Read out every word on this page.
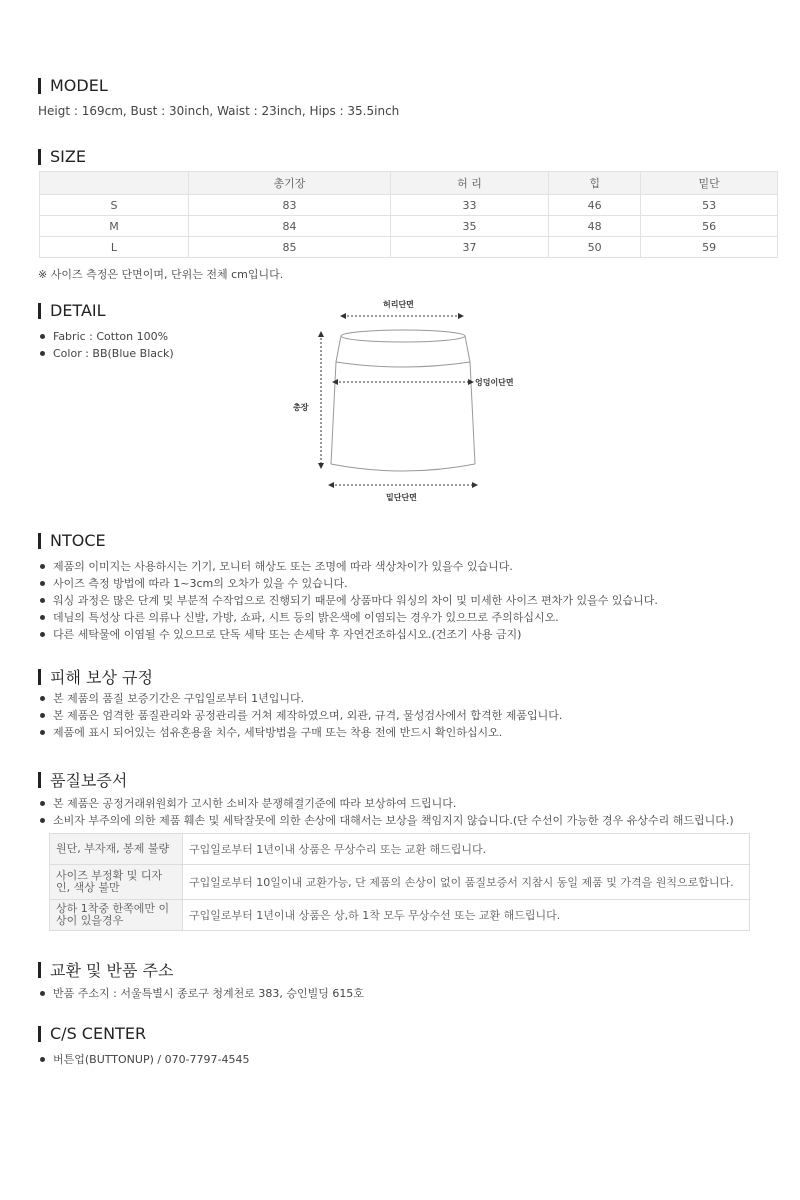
MODEL
Heigt : 169cm, Bust : 30inch, Waist : 23inch, Hips : 35.5inch
SIZE
	총기장	허 리	힙	밑단
S	83	33	46	53
M	84	35	48	56
L	85	37	50	59
※ 사이즈 측정은 단면이며, 단위는 전체 cm입니다.
DETAIL
Fabric : Cotton 100%
Color : BB(Blue Black)
허리단면
엉덩이단면
총장
밑단단면
NTOCE
제품의 이미지는 사용하시는 기기, 모니터 해상도 또는 조명에 따라 색상차이가 있을수 있습니다.
사이즈 측정 방법에 따라 1~3cm의 오차가 있을 수 있습니다.
워싱 과정은 많은 단계 및 부분적 수작업으로 진행되기 때문에 상품마다 워싱의 차이 및 미세한 사이즈 편차가 있을수 있습니다.
데님의 특성상 다른 의류나 신발, 가방, 쇼파, 시트 등의 밝은색에 이염되는 경우가 있으므로 주의하십시오.
다른 세탁물에 이염될 수 있으므로 단독 세탁 또는 손세탁 후 자연건조하십시오.(건조기 사용 금지)
피해 보상 규정
본 제품의 품질 보증기간은 구입일로부터 1년입니다.
본 제품은 엄격한 품질관리와 공정관리를 거쳐 제작하였으며, 외관, 규격, 물성검사에서 합격한 제품입니다.
제품에 표시 되어있는 섬유혼용율 치수, 세탁방법을 구매 또는 착용 전에 반드시 확인하십시오.
품질보증서
본 제품은 공정거래위원회가 고시한 소비자 분쟁해결기준에 따라 보상하여 드립니다.
소비자 부주의에 의한 제품 훼손 및 세탁잘못에 의한 손상에 대해서는 보상을 책임지지 않습니다.(단 수선이 가능한 경우 유상수리 해드립니다.)
원단, 부자재, 봉제 불량	구입일로부터 1년이내 상품은 무상수리 또는 교환 해드립니다.
사이즈 부정확 및 디자인, 색상 불만	구입일로부터 10일이내 교환가능, 단 제품의 손상이 없이 품질보증서 지참시 동일 제품 및 가격을 원칙으로합니다.
상하 1착중 한쪽에만 이상이 있을경우	구입일로부터 1년이내 상품은 상,하 1착 모두 무상수선 또는 교환 해드립니다.
교환 및 반품 주소
반품 주소지 : 서울특별시 종로구 청계천로 383, 승인빌딩 615호
C/S CENTER
버튼업(BUTTONUP) / 070-7797-4545
